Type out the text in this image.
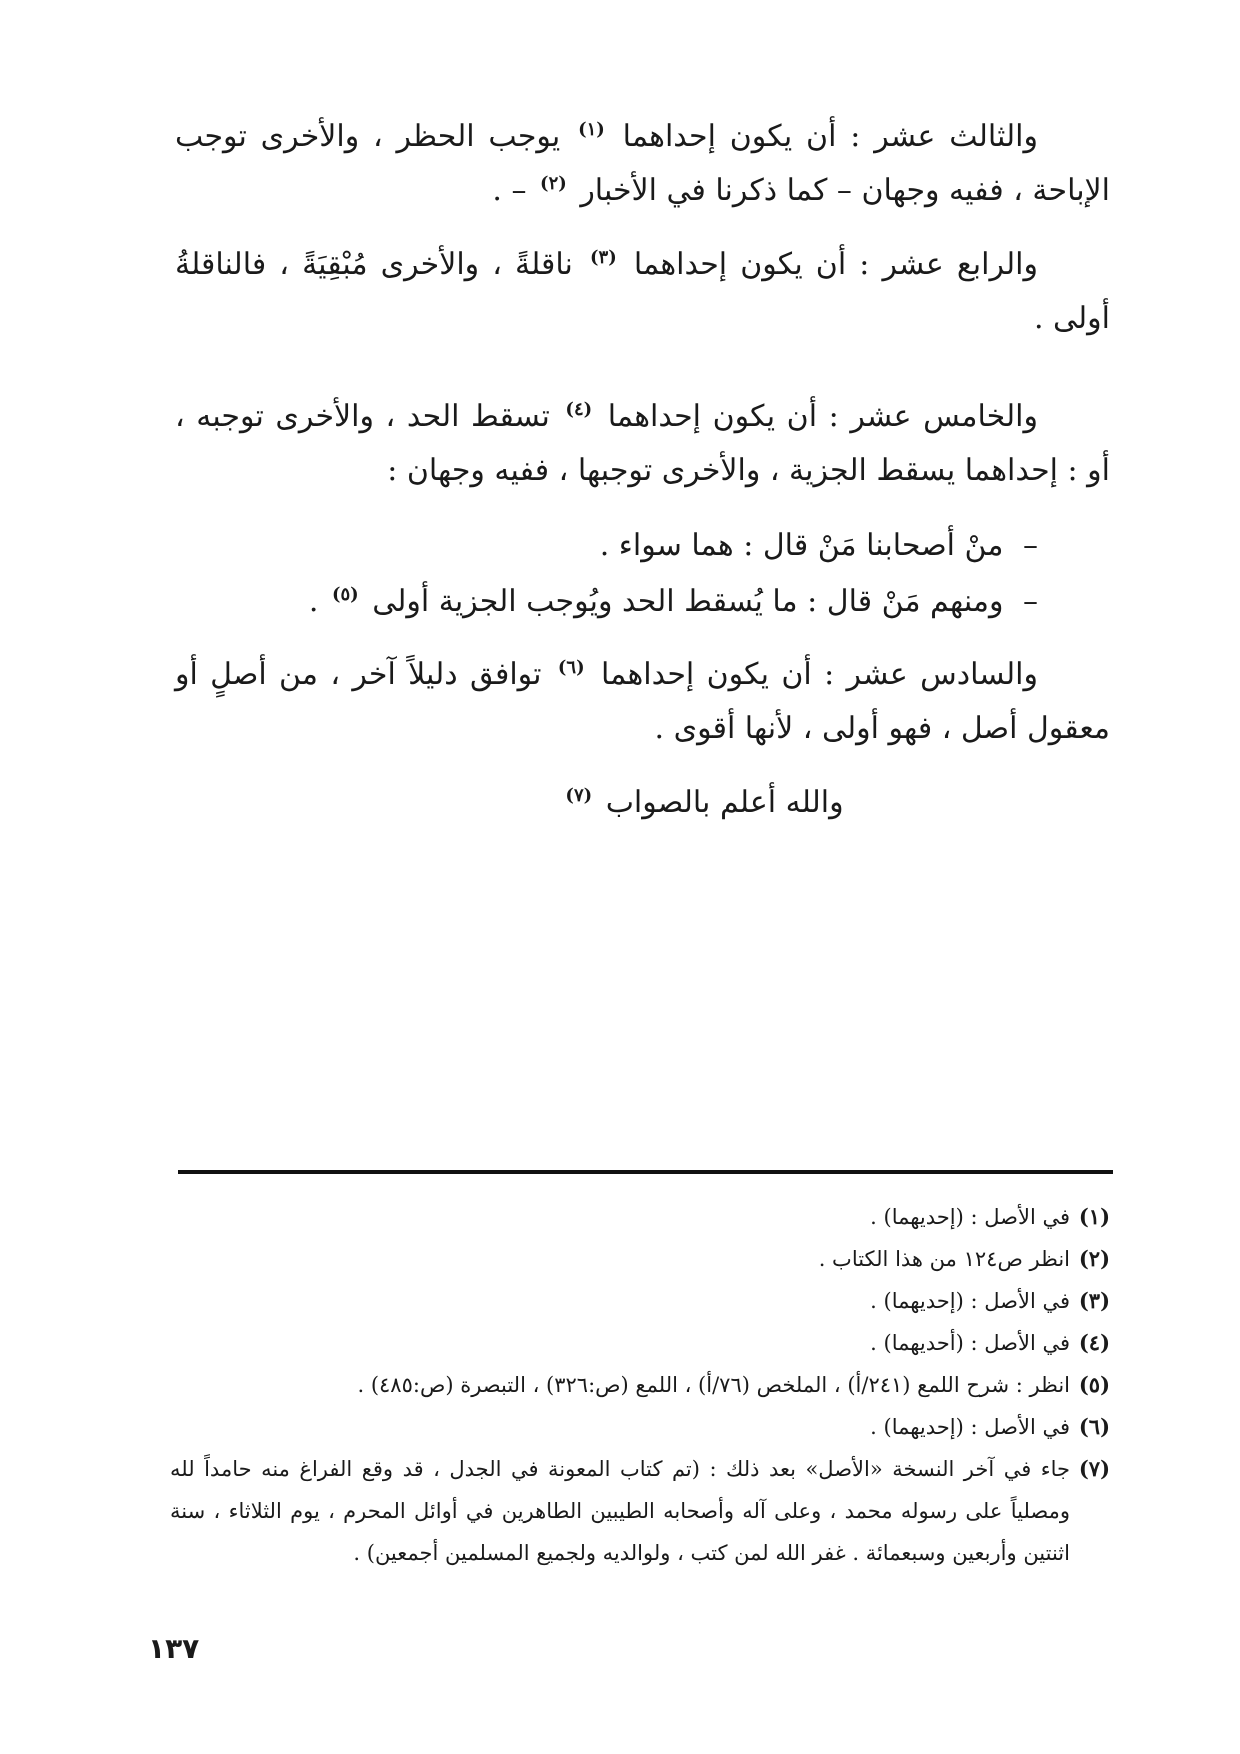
والثالث عشر : أن يكون إحداهما $^{(١)}$ يوجب الحظر ، والأخرى توجب الإباحة ، ففيه وجهان – كما ذكرنا في الأخبار $^{(٢)}$ – .

والرابع عشر : أن يكون إحداهما $^{(٣)}$ ناقلةً ، والأخرى مُبْقِيَةً ، فالناقلةُ أولى .

والخامس عشر : أن يكون إحداهما $^{(٤)}$ تسقط الحد ، والأخرى توجبه ، أو : إحداهما يسقط الجزية ، والأخرى توجبها ، ففيه وجهان :

– منْ أصحابنا مَنْ قال : هما سواء .
– ومنهم مَنْ قال : ما يُسقط الحد ويُوجب الجزية أولى $^{(٥)}$ .

والسادس عشر : أن يكون إحداهما $^{(٦)}$ توافق دليلاً آخر ، من أصلٍ أو معقول أصل ، فهو أولى ، لأنها أقوى .

والله أعلم بالصواب $^{(٧)}$

(١)
في الأصل : (إحديهما) .
(٢)
انظر ص١٢٤ من هذا الكتاب .
(٣)
في الأصل : (إحديهما) .
(٤)
في الأصل : (أحديهما) .
(٥)
انظر : شرح اللمع (٢٤١/أ) ، الملخص (٧٦/أ) ، اللمع (ص:٣٢٦) ، التبصرة (ص:٤٨٥) .
(٦)
في الأصل : (إحديهما) .
(٧)
جاء في آخر النسخة «الأصل» بعد ذلك : (تم كتاب المعونة في الجدل ، قد وقع الفراغ منه حامداً لله ومصلياً على رسوله محمد ، وعلى آله وأصحابه الطيبين الطاهرين في أوائل المحرم ، يوم الثلاثاء ، سنة اثنتين وأربعين وسبعمائة . غفر الله لمن كتب ، ولوالديه ولجميع المسلمين أجمعين) .
١٣٧
